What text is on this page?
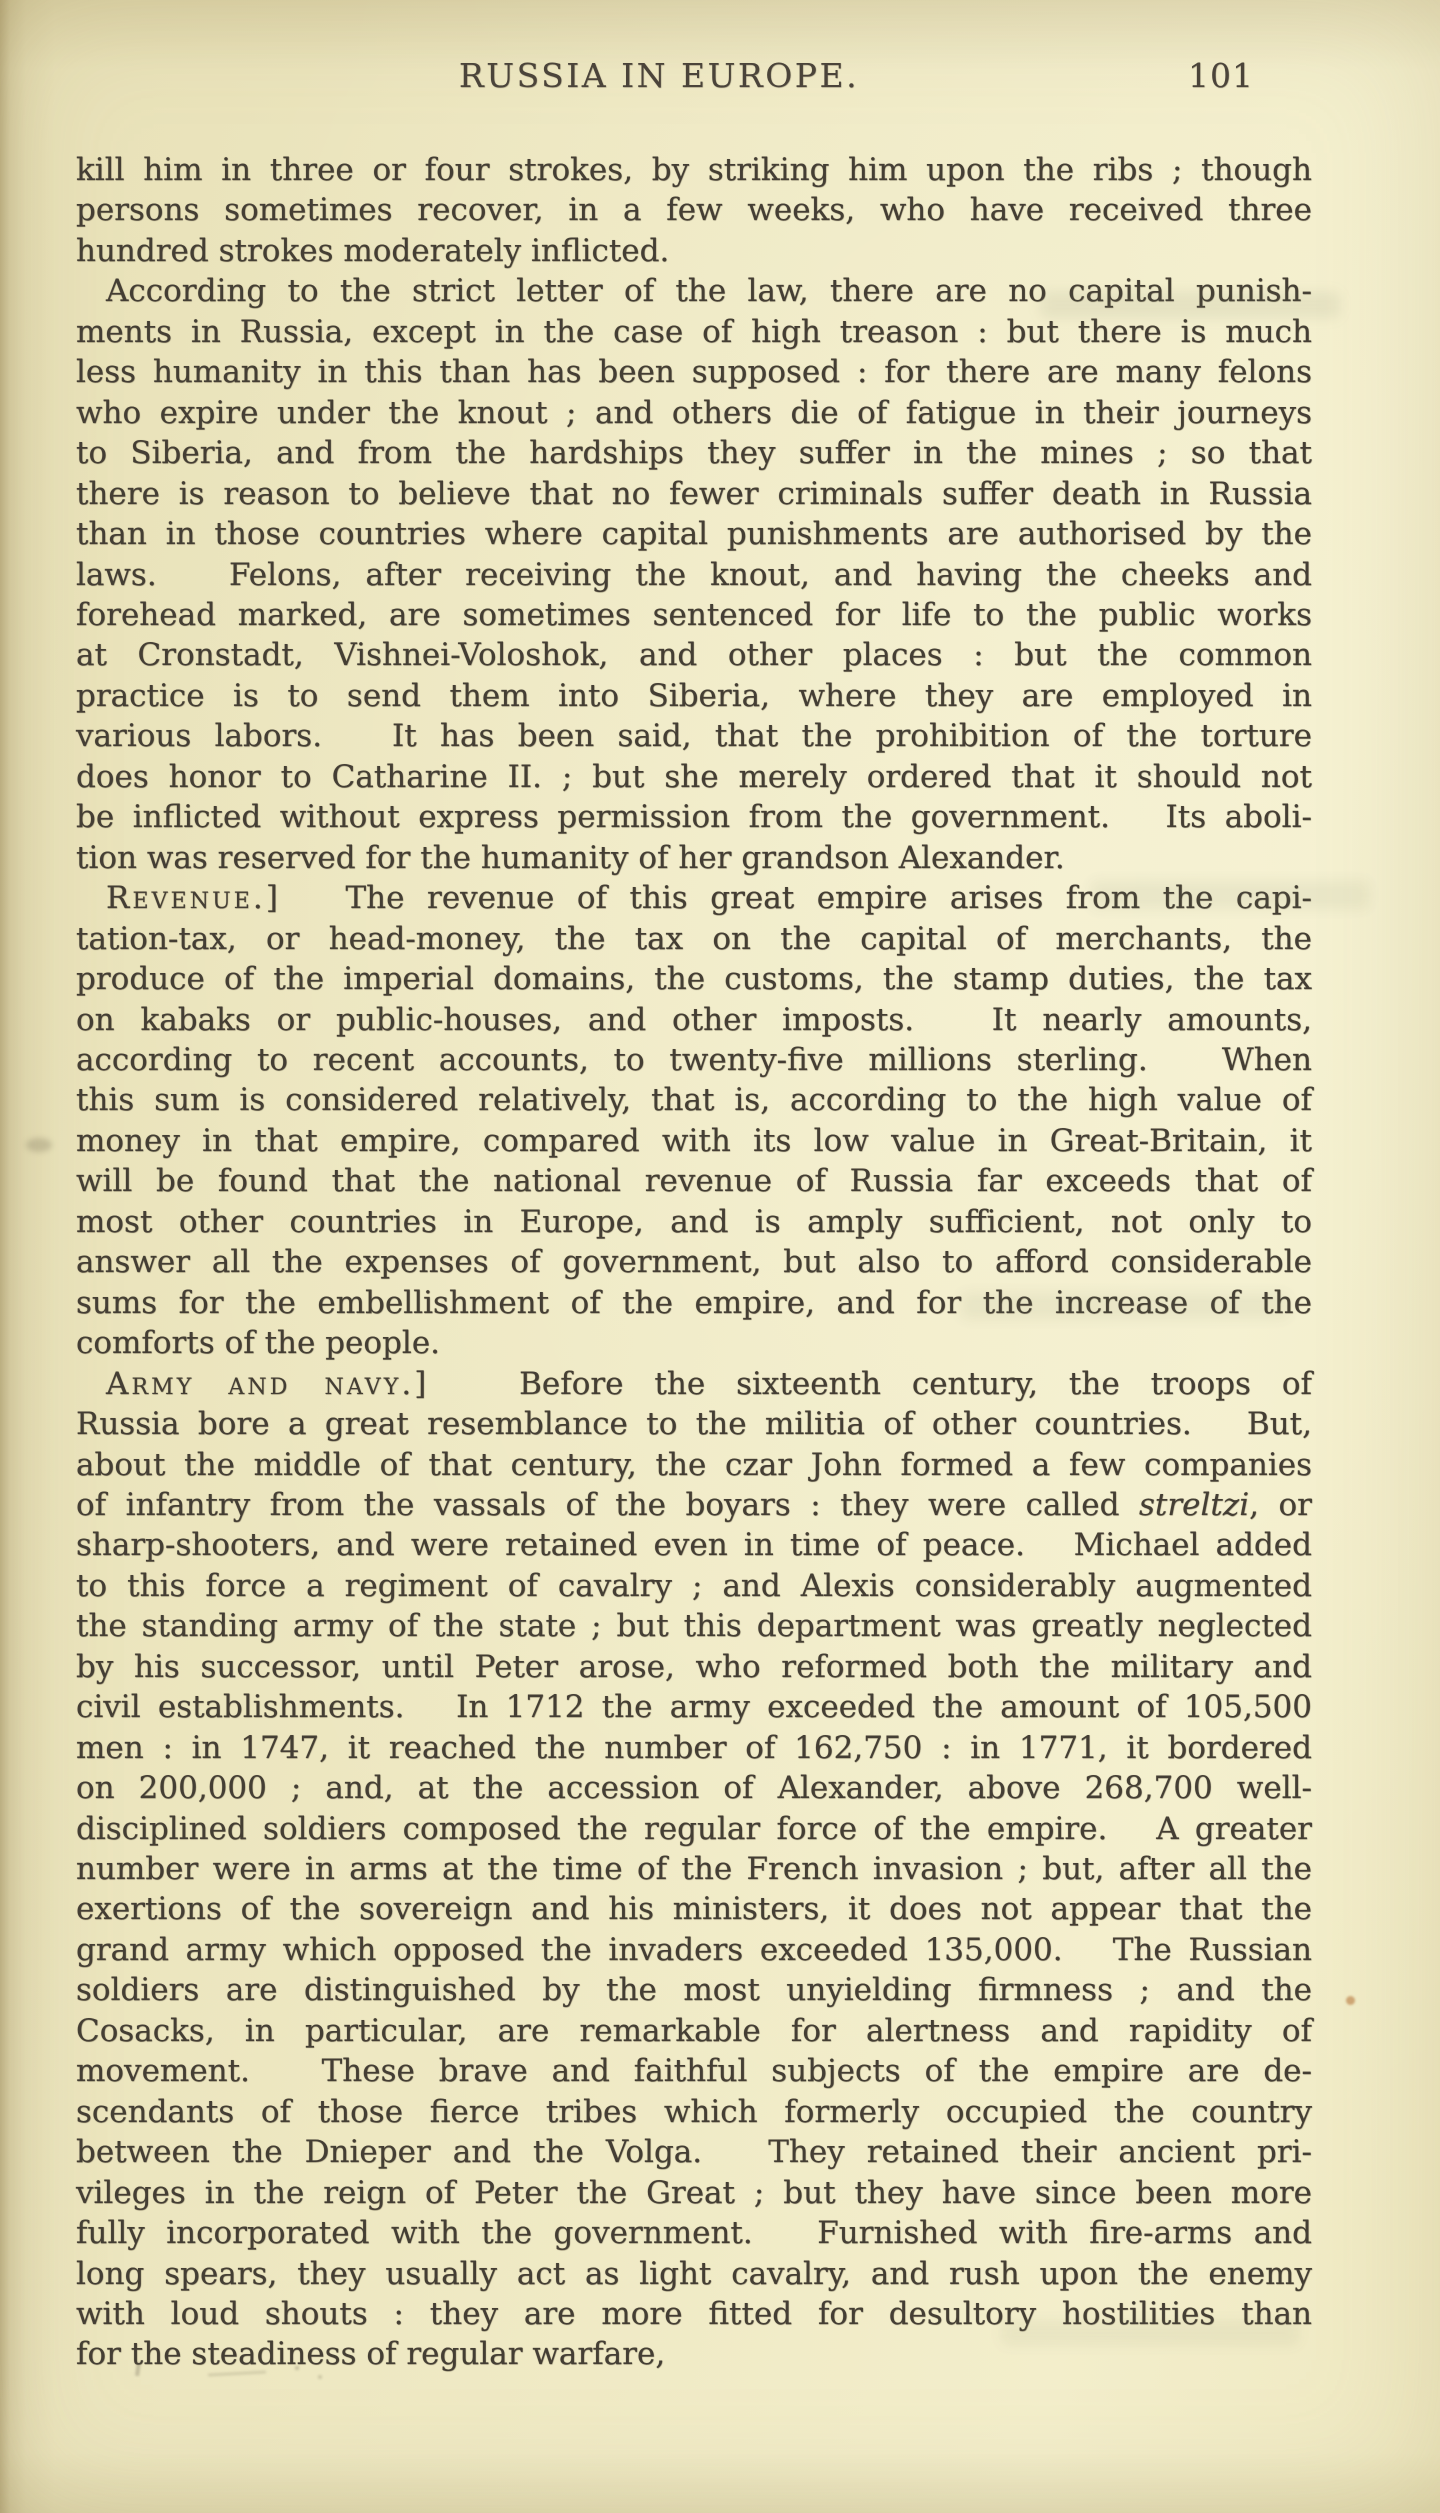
RUSSIA IN EUROPE.	101
kill him in three or four strokes, by striking him upon the ribs ; though
persons sometimes recover, in a few weeks, who have received three
hundred strokes moderately inflicted.
According to the strict letter of the law, there are no capital punish-
ments in Russia, except in the case of high treason : but there is much
less humanity in this than has been supposed : for there are many felons
who expire under the knout ; and others die of fatigue in their journeys
to Siberia, and from the hardships they suffer in the mines ; so that
there is reason to believe that no fewer criminals suffer death in Russia
than in those countries where capital punishments are authorised by the
laws.   Felons, after receiving the knout, and having the cheeks and
forehead marked, are sometimes sentenced for life to the public works
at Cronstadt, Vishnei-Voloshok, and other places : but the common
practice is to send them into Siberia, where they are employed in
various labors.   It has been said, that the prohibition of the torture
does honor to Catharine II. ; but she merely ordered that it should not
be inflicted without express permission from the government.   Its aboli-
tion was reserved for the humanity of her grandson Alexander.
Revenue.]   The revenue of this great empire arises from the capi-
tation-tax, or head-money, the tax on the capital of merchants, the
produce of the imperial domains, the customs, the stamp duties, the tax
on kabaks or public-houses, and other imposts.   It nearly amounts,
according to recent accounts, to twenty-five millions sterling.   When
this sum is considered relatively, that is, according to the high value of
money in that empire, compared with its low value in Great-Britain, it
will be found that the national revenue of Russia far exceeds that of
most other countries in Europe, and is amply sufficient, not only to
answer all the expenses of government, but also to afford considerable
sums for the embellishment of the empire, and for the increase of the
comforts of the people.
Army and navy.]   Before the sixteenth century, the troops of
Russia bore a great resemblance to the militia of other countries.   But,
about the middle of that century, the czar John formed a few companies
of infantry from the vassals of the boyars : they were called streltzi, or
sharp-shooters, and were retained even in time of peace.   Michael added
to this force a regiment of cavalry ; and Alexis considerably augmented
the standing army of the state ; but this department was greatly neglected
by his successor, until Peter arose, who reformed both the military and
civil establishments.   In 1712 the army exceeded the amount of 105,500
men : in 1747, it reached the number of 162,750 : in 1771, it bordered
on 200,000 ; and, at the accession of Alexander, above 268,700 well-
disciplined soldiers composed the regular force of the empire.   A greater
number were in arms at the time of the French invasion ; but, after all the
exertions of the sovereign and his ministers, it does not appear that the
grand army which opposed the invaders exceeded 135,000.   The Russian
soldiers are distinguished by the most unyielding firmness ; and the
Cosacks, in particular, are remarkable for alertness and rapidity of
movement.   These brave and faithful subjects of the empire are de-
scendants of those fierce tribes which formerly occupied the country
between the Dnieper and the Volga.   They retained their ancient pri-
vileges in the reign of Peter the Great ; but they have since been more
fully incorporated with the government.   Furnished with fire-arms and
long spears, they usually act as light cavalry, and rush upon the enemy
with loud shouts : they are more fitted for desultory hostilities than
for the steadiness of regular warfare,
